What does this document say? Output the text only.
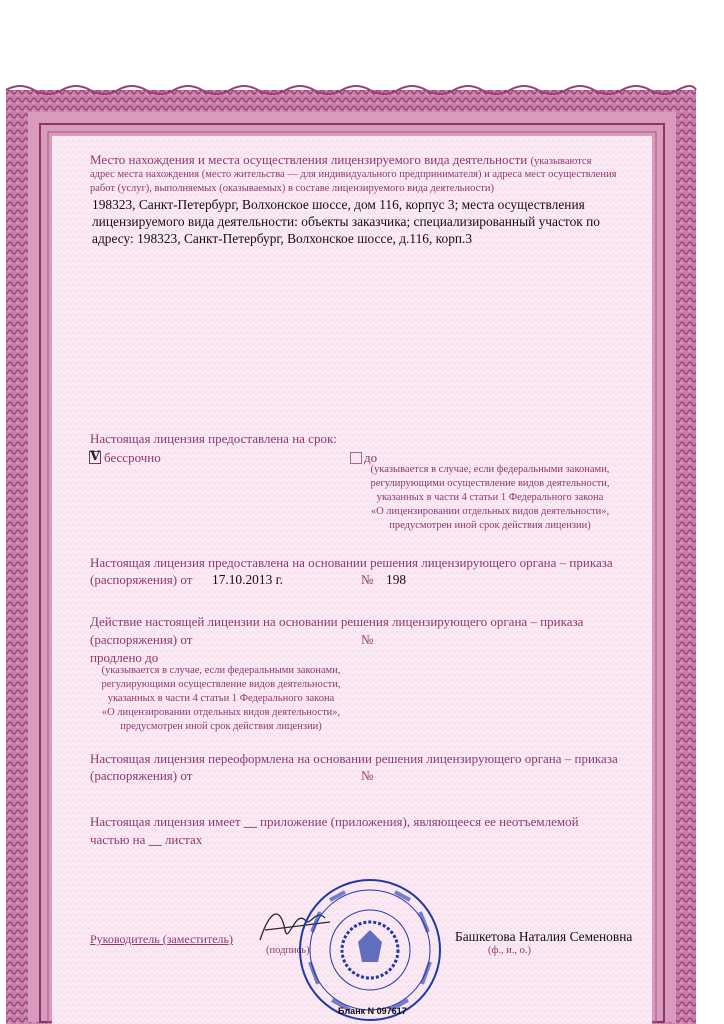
Место нахождения и места осуществления лицензируемого вида деятельности (указываются
адрес места нахождения (место жительства — для индивидуального предпринимателя) и адреса мест осуществления
работ (услуг), выполняемых (оказываемых) в составе лицензируемого вида деятельности)
198323, Санкт-Петербург, Волхонское шоссе, дом 116, корпус 3; места осуществления
лицензируемого вида деятельности: объекты заказчика; специализированный участок по
адресу: 198323, Санкт-Петербург, Волхонское шоссе, д.116, корп.3
Настоящая лицензия предоставлена на срок:
V бессрочно	до
(указывается в случае, если федеральными законами,
регулирующими осуществление видов деятельности,
указанных в части 4 статьи 1 Федерального закона
«О лицензировании отдельных видов деятельности»,
предусмотрен иной срок действия лицензии)
Настоящая лицензия предоставлена на основании решения лицензирующего органа – приказа
(распоряжения) от 17.10.2013 г.	№ 198
Действие настоящей лицензии на основании решения лицензирующего органа – приказа
(распоряжения) от	№
продлено до
(указывается в случае, если федеральными законами,
регулирующими осуществление видов деятельности,
указанных в части 4 статьи 1 Федерального закона
«О лицензировании отдельных видов деятельности»,
предусмотрен иной срок действия лицензии)
Настоящая лицензия переоформлена на основании решения лицензирующего органа – приказа
(распоряжения) от	№
Настоящая лицензия имеет __ приложение (приложения), являющееся ее неотъемлемой
частью на __ листах
Руководитель (заместитель)
(подпись)
Башкетова Наталия Семеновна
(ф., и., о.)
Бланк N 097617
